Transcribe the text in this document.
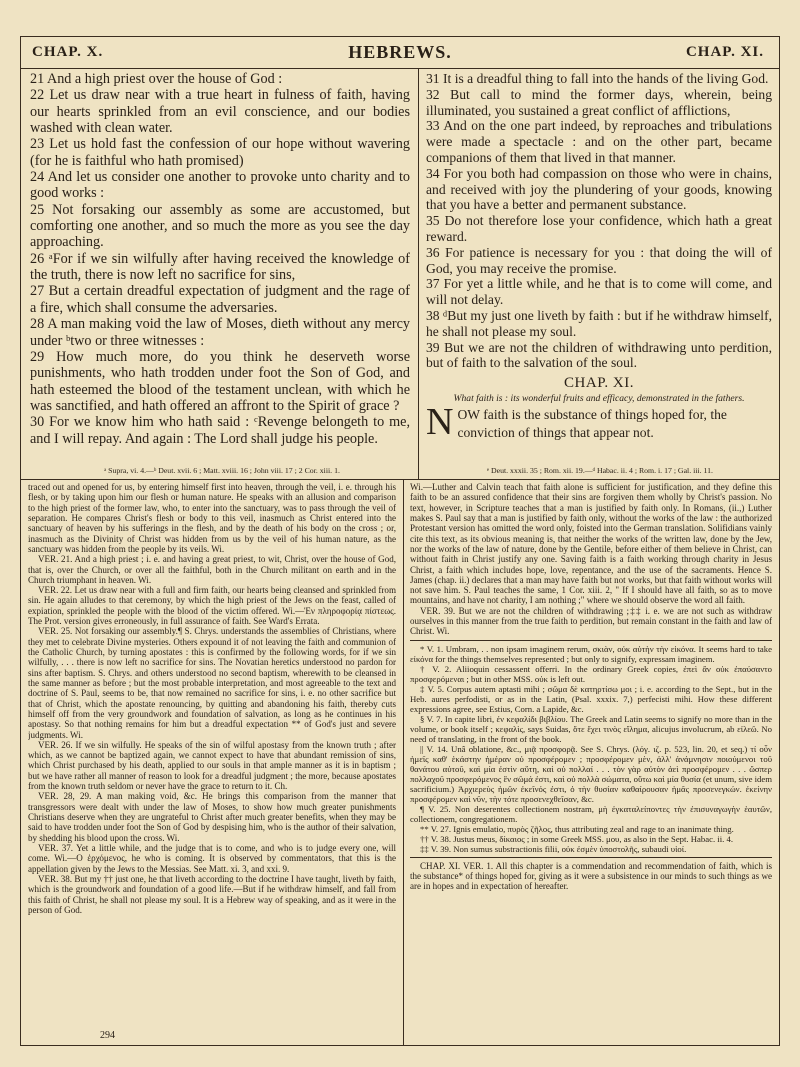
CHAP. X.	HEBREWS.	CHAP. XI.

21 And a high priest over the house of God :

22 Let us draw near with a true heart in fulness of faith, having our hearts sprinkled from an evil conscience, and our bodies washed with clean water.

23 Let us hold fast the confession of our hope without wavering (for he is faithful who hath promised)

24 And let us consider one another to provoke unto charity and to good works :

25 Not forsaking our assembly as some are accustomed, but comforting one another, and so much the more as you see the day approaching.

26 ᵃFor if we sin wilfully after having received the knowledge of the truth, there is now left no sacrifice for sins,

27 But a certain dreadful expectation of judgment and the rage of a fire, which shall consume the adversaries.

28 A man making void the law of Moses, dieth without any mercy under ᵇtwo or three witnesses :

29 How much more, do you think he deserveth worse punishments, who hath trodden under foot the Son of God, and hath esteemed the blood of the testament unclean, with which he was sanctified, and hath offered an affront to the Spirit of grace ?

30 For we know him who hath said : ᶜRevenge belongeth to me, and I will repay. And again : The Lord shall judge his people.

31 It is a dreadful thing to fall into the hands of the living God.

32 But call to mind the former days, wherein, being illuminated, you sustained a great conflict of afflictions,

33 And on the one part indeed, by reproaches and tribulations were made a spectacle : and on the other part, became companions of them that lived in that manner.

34 For you both had compassion on those who were in chains, and received with joy the plundering of your goods, knowing that you have a better and permanent substance.

35 Do not therefore lose your confidence, which hath a great reward.

36 For patience is necessary for you : that doing the will of God, you may receive the promise.

37 For yet a little while, and he that is to come will come, and will not delay.

38 ᵈBut my just one liveth by faith : but if he withdraw himself, he shall not please my soul.

39 But we are not the children of withdrawing unto perdition, but of faith to the salvation of the soul.

CHAP. XI.
What faith is : its wonderful fruits and efficacy, demonstrated in the fathers.
N OW faith is the substance of things hoped for, the conviction of things that appear not.
ᵃ Supra, vi. 4.—ᵇ Deut. xvii. 6 ; Matt. xviii. 16 ; John viii. 17 ; 2 Cor. xiii. 1.	ᵉ Deut. xxxii. 35 ; Rom. xii. 19.—ᵈ Habac. ii. 4 ; Rom. i. 17 ; Gal. iii. 11.

traced out and opened for us, by entering himself first into heaven, through the veil, i. e. through his flesh, or by taking upon him our flesh or human nature. He speaks with an allusion and comparison to the high priest of the former law, who, to enter into the sanctuary, was to pass through the veil of separation. He compares Christ's flesh or body to this veil, inasmuch as Christ entered into the sanctuary of heaven by his sufferings in the flesh, and by the death of his body on the cross ; or, inasmuch as the Divinity of Christ was hidden from us by the veil of his human nature, as the sanctuary was hidden from the people by its veils. Wi.

VER. 21. And a high priest ; i. e. and having a great priest, to wit, Christ, over the house of God, that is, over the Church, or over all the faithful, both in the Church militant on earth and in the Church triumphant in heaven. Wi.

VER. 22. Let us draw near with a full and firm faith, our hearts being cleansed and sprinkled from sin. He again alludes to that ceremony, by which the high priest of the Jews on the feast, called of expiation, sprinkled the people with the blood of the victim offered. Wi.—Ἐν πληροφορίᾳ πίστεως. The Prot. version gives erroneously, in full assurance of faith. See Ward's Errata.

VER. 25. Not forsaking our assembly.¶ S. Chrys. understands the assemblies of Christians, where they met to celebrate Divine mysteries. Others expound it of not leaving the faith and communion of the Catholic Church, by turning apostates : this is confirmed by the following words, for if we sin wilfully, . . . there is now left no sacrifice for sins. The Novatian heretics understood no pardon for sins after baptism. S. Chrys. and others understood no second baptism, wherewith to be cleansed in the same manner as before ; but the most probable interpretation, and most agreeable to the text and doctrine of S. Paul, seems to be, that now remained no sacrifice for sins, i. e. no other sacrifice but that of Christ, which the apostate renouncing, by quitting and abandoning his faith, thereby cuts himself off from the very groundwork and foundation of salvation, as long as he continues in his apostasy. So that nothing remains for him but a dreadful expectation ** of God's just and severe judgments. Wi.

VER. 26. If we sin wilfully. He speaks of the sin of wilful apostasy from the known truth ; after which, as we cannot be baptized again, we cannot expect to have that abundant remission of sins, which Christ purchased by his death, applied to our souls in that ample manner as it is in baptism ; but we have rather all manner of reason to look for a dreadful judgment ; the more, because apostates from the known truth seldom or never have the grace to return to it. Ch.

VER. 28, 29. A man making void, &c. He brings this comparison from the manner that transgressors were dealt with under the law of Moses, to show how much greater punishments Christians deserve when they are ungrateful to Christ after much greater benefits, when they may be said to have trodden under foot the Son of God by despising him, who is the author of their salvation, by shedding his blood upon the cross. Wi.

VER. 37. Yet a little while, and the judge that is to come, and who is to judge every one, will come. Wi.—O ἐρχόμενος, he who is coming. It is observed by commentators, that this is the appellation given by the Jews to the Messias. See Matt. xi. 3, and xxi. 9.

VER. 38. But my †† just one, he that liveth according to the doctrine I have taught, liveth by faith, which is the groundwork and foundation of a good life.—But if he withdraw himself, and fall from this faith of Christ, he shall not please my soul. It is a Hebrew way of speaking, and as it were in the person of God.

Wi.—Luther and Calvin teach that faith alone is sufficient for justification, and they define this faith to be an assured confidence that their sins are forgiven them wholly by Christ's passion. No text, however, in Scripture teaches that a man is justified by faith only. In Romans, (ii.,) Luther makes S. Paul say that a man is justified by faith only, without the works of the law : the authorized Protestant version has omitted the word only, foisted into the German translation. Solifidians vainly cite this text, as its obvious meaning is, that neither the works of the written law, done by the Jew, nor the works of the law of nature, done by the Gentile, before either of them believe in Christ, can without faith in Christ justify any one. Saving faith is a faith working through charity in Jesus Christ, a faith which includes hope, love, repentance, and the use of the sacraments. Hence S. James (chap. ii.) declares that a man may have faith but not works, but that faith without works will not save him. S. Paul teaches the same, 1 Cor. xiii. 2, " If I should have all faith, so as to move mountains, and have not charity, I am nothing ;" where we should observe the word all faith.

VER. 39. But we are not the children of withdrawing ;‡‡ i. e. we are not such as withdraw ourselves in this manner from the true faith to perdition, but remain constant in the faith and law of Christ. Wi.

* V. 1. Umbram, . . non ipsam imaginem rerum, σκιὰν, οὐκ αὐτὴν τὴν εἰκόνα. It seems hard to take εἰκόνα for the things themselves represented ; but only to signify, expressam imaginem.

† V. 2. Aliioquin cessassent offerri. In the ordinary Greek copies, ἐπεὶ ἂν οὐκ ἐπαύσαντο προσφερόμεναι ; but in other MSS. οὐκ is left out.

‡ V. 5. Corpus autem aptasti mihi ; σῶμα δὲ κατηρτίσω μοι ; i. e. according to the Sept., but in the Heb. aures perfodisti, or as in the Latin, (Psal. xxxix. 7,) perfecisti mihi. How these different expressions agree, see Estius, Corn. a Lapide, &c.

§ V. 7. In capite libri, ἐν κεφαλίδι βιβλίου. The Greek and Latin seems to signify no more than in the volume, or book itself ; κεφαλὶς, says Suidas, ὅτε ἔχει τινὸς εἴλημα, alicujus involucrum, ab εἰλεῶ. No need of translating, in the front of the book.

|| V. 14. Unâ oblatione, &c., μιᾷ προσφορᾷ. See S. Chrys. (λόγ. ιζ. p. 523, lin. 20, et seq.) τί οὖν ἡμεῖς καθ' ἑκάστην ἡμέραν οὐ προσφέρομεν ; προσφέρομεν μὲν, ἀλλ' ἀνάμνησιν ποιούμενοι τοῦ θανάτου αὐτοῦ, καὶ μία ἐστὶν αὕτη, καὶ οὐ πολλαί . . . τὸν γὰρ αὐτὸν ἀεὶ προσφέρομεν . . . ὥσπερ πολλαχοῦ προσφερόμενος ἓν σῶμά ἐστι, καὶ οὐ πολλὰ σώματα, οὕτω καὶ μία θυσία (et unum, sive idem sacrificium.) Ἀρχιερεὺς ἡμῶν ἐκεῖνός ἐστι, ὁ τὴν θυσίαν καθαίρουσαν ἡμᾶς προσενεγκών. ἐκείνην προσφέρομεν καὶ νῦν, τὴν τότε προσενεχθεῖσαν, &c.

¶ V. 25. Non deserentes collectionem nostram, μὴ ἐγκαταλείποντες τὴν ἐπισυναγωγὴν ἑαυτῶν, collectionem, congregationem.

** V. 27. Ignis emulatio, πυρὸς ζῆλος, thus attributing zeal and rage to an inanimate thing.

†† V. 38. Justus meus, δίκαιος ; in some Greek MSS. μου, as also in the Sept. Habac. ii. 4.

‡‡ V. 39. Non sumus substractionis filii, οὐκ ἐσμὲν ὑποστολῆς, subaudi υἱοί.

CHAP. XI. VER. 1. All this chapter is a commendation and recommendation of faith, which is the substance* of things hoped for, giving as it were a subsistence in our minds to such things as we are in hopes and in expectation of hereafter.

294
